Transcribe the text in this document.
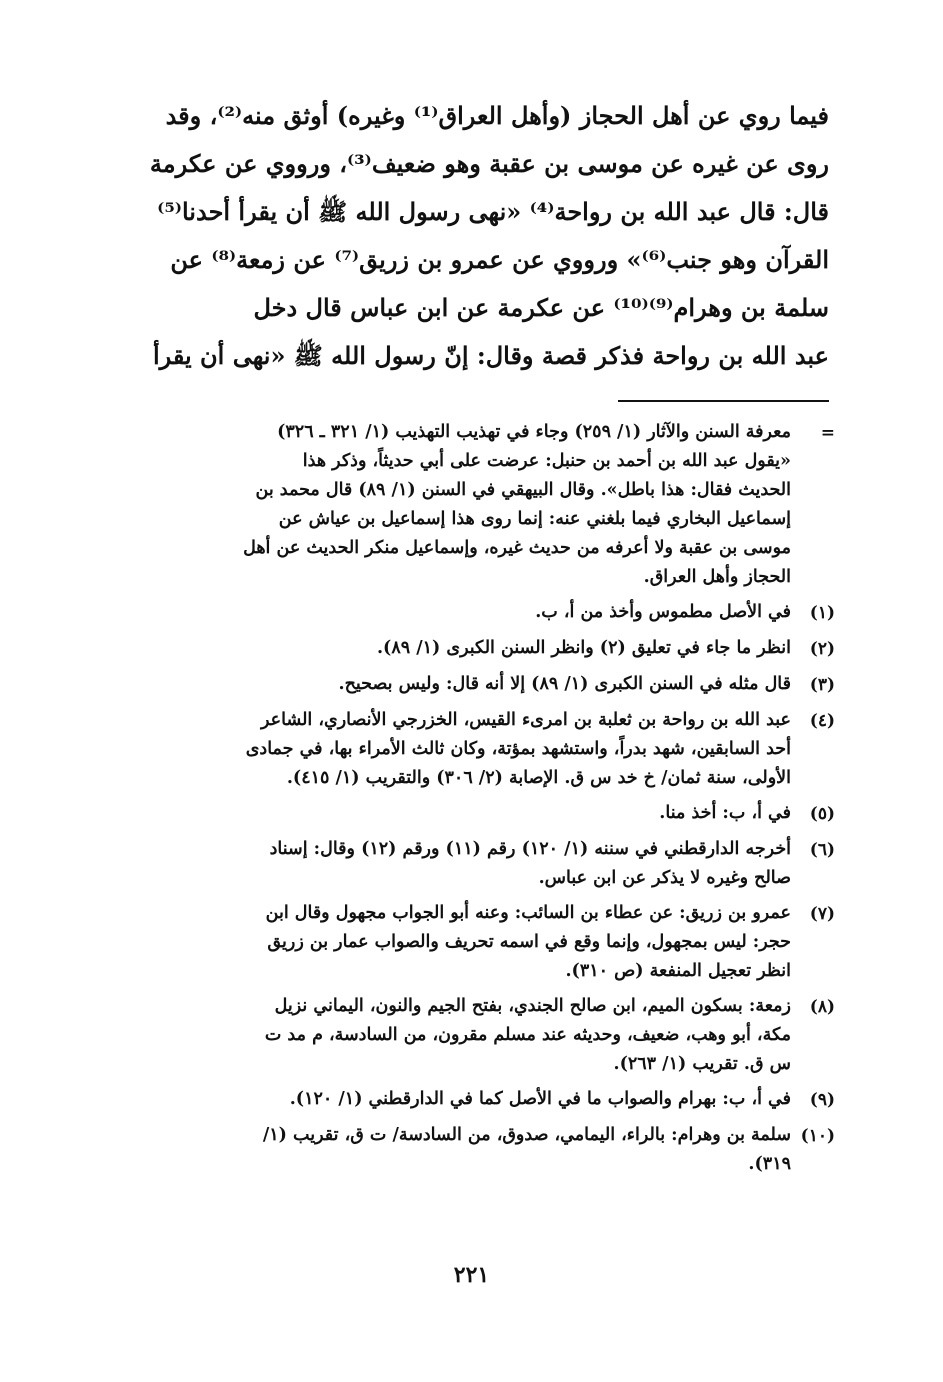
فيما روي عن أهل الحجاز (وأهل العراق⁽¹⁾ وغيره) أوثق منه⁽²⁾، وقد
روى عن غيره عن موسى بن عقبة وهو ضعيف⁽³⁾، ورووي عن عكرمة
قال: قال عبد الله بن رواحة⁽⁴⁾ «نهى رسول الله ﷺ أن يقرأ أحدنا⁽⁵⁾
القرآن وهو جنب⁽⁶⁾» ورووي عن عمرو بن زريق⁽⁷⁾ عن زمعة⁽⁸⁾ عن
سلمة بن وهرام⁽⁹⁾⁽¹⁰⁾ عن عكرمة عن ابن عباس قال دخل
عبد الله بن رواحة فذكر قصة وقال: إنّ رسول الله ﷺ «نهى أن يقرأ
=
معرفة السنن والآثار (١/ ٢٥٩) وجاء في تهذيب التهذيب (١/ ٣٢١ ـ ٣٢٦)
«يقول عبد الله بن أحمد بن حنبل: عرضت على أبي حديثاً، وذكر هذا
الحديث فقال: هذا باطل». وقال البيهقي في السنن (١/ ٨٩) قال محمد بن
إسماعيل البخاري فيما بلغني عنه: إنما روى هذا إسماعيل بن عياش عن
موسى بن عقبة ولا أعرفه من حديث غيره، وإسماعيل منكر الحديث عن أهل
الحجاز وأهل العراق.
(١)
في الأصل مطموس وأخذ من أ، ب.
(٢)
انظر ما جاء في تعليق (٢) وانظر السنن الكبرى (١/ ٨٩).
(٣)
قال مثله في السنن الكبرى (١/ ٨٩) إلا أنه قال: وليس بصحيح.
(٤)
عبد الله بن رواحة بن ثعلبة بن امرىء القيس، الخزرجي الأنصاري، الشاعر
أحد السابقين، شهد بدراً، واستشهد بمؤتة، وكان ثالث الأمراء بها، في جمادى
الأولى، سنة ثمان/ خ خد س ق. الإصابة (٢/ ٣٠٦) والتقريب (١/ ٤١٥).
(٥)
في أ، ب: أخذ منا.
(٦)
أخرجه الدارقطني في سننه (١/ ١٢٠) رقم (١١) ورقم (١٢) وقال: إسناد
صالح وغيره لا يذكر عن ابن عباس.
(٧)
عمرو بن زريق: عن عطاء بن السائب: وعنه أبو الجواب مجهول وقال ابن
حجر: ليس بمجهول، وإنما وقع في اسمه تحريف والصواب عمار بن زريق
انظر تعجيل المنفعة (ص ٣١٠).
(٨)
زمعة: بسكون الميم، ابن صالح الجندي، بفتح الجيم والنون، اليماني نزيل
مكة، أبو وهب، ضعيف، وحديثه عند مسلم مقرون، من السادسة، م مد ت
س ق. تقريب (١/ ٢٦٣).
(٩)
في أ، ب: بهرام والصواب ما في الأصل كما في الدارقطني (١/ ١٢٠).
(١٠)
سلمة بن وهرام: بالراء، اليمامي، صدوق، من السادسة/ ت ق، تقريب (١/
٣١٩).
٢٢١
